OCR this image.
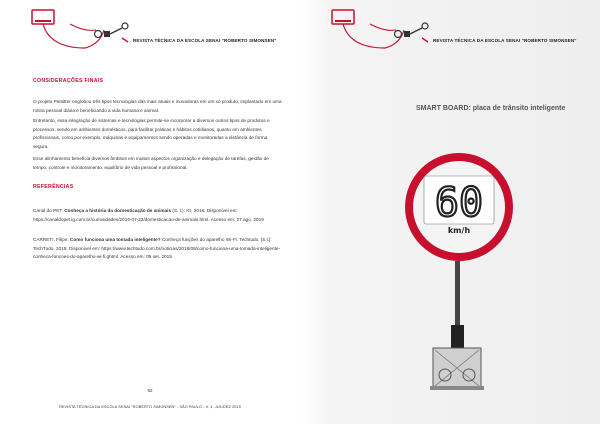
REVISTA TÉCNICA DA ESCOLA SENAI "ROBERTO SIMONSEN"
CONSIDERAÇÕES FINAIS

O projeto Petsitter englobou três tipos tecnologias das mais atuais e inovadoras em um só produto, implantado em uma rotina pessoal diária e beneficiando a vida humana e animal.

Entretanto, essa integração de sistemas e tecnologias permite-se incorporar a diversos outros tipos de produtos e processos, sendo em ambientes domésticos, para facilitar práticas e hábitos cotidianos, quanto em ambientes profissionais, como por exemplo, máquinas e equipamentos sendo operadas e monitoradas a distância de forma segura.

Esse alinhamento beneficia diversos âmbitos em muitos aspectos organização e delegação de tarefas, gestão de tempo, controle e monitoramento, equilíbrio de vida pessoal e profissional.

REFERÊNCIAS

Canal do PET. Conheça a história da domesticação de animais (S. l.): IG, 2016. Disponível em: https://canaldopet.ig.com.br/curiosidades/2016-07-22/domesticacao-de-animais.html. Acesso em: 27 ago. 2019

CARRETI, Filipe. Como funciona uma tomada inteligente? Conheça funções do aparelho Wi-Fi. Techtudo. [S.l.]: TechTudo, 2018. Disponível em: https://www.techtudo.com.br/noticias/2018/08/como-funciona-uma-tomada-inteligente-conheca-funcoes-do-aparelho-wi-fi.ghtml. Acesso em: 05 set. 2019.

92
REVISTA TÉCNICA DA ESCOLA SENAI "ROBERTO SIMONSEN" - SÃO PAULO - V. 4, JUL/DEZ 2019
REVISTA TÉCNICA DA ESCOLA SENAI "ROBERTO SIMONSEN"
SMART BOARD: placa de trânsito inteligente
60
km/h
